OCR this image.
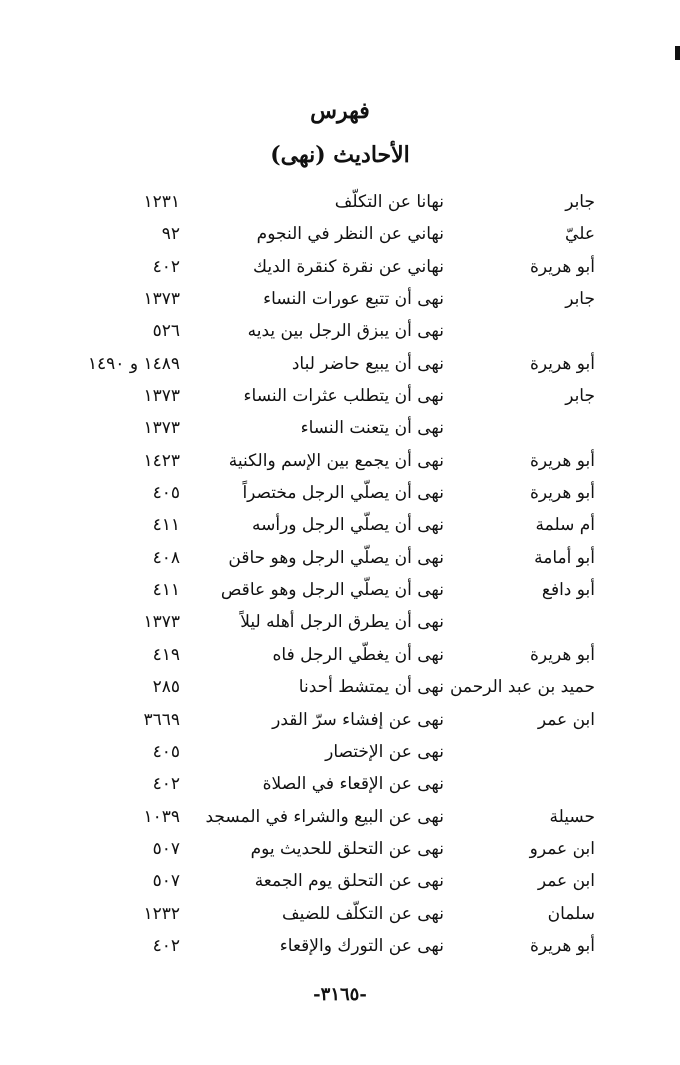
فهرس
الأحاديث (نهى)
جابر
نهانا عن التكلّف
١٢٣١
عليّ
نهاني عن النظر في النجوم
٩٢
أبو هريرة
نهاني عن نقرة كنقرة الديك
٤٠٢
جابر
نهى أن تتبع عورات النساء
١٣٧٣
نهى أن يبزق الرجل بين يديه
٥٢٦
أبو هريرة
نهى أن يبيع حاضر لباد
١٤٨٩ و ١٤٩٠
جابر
نهى أن يتطلب عثرات النساء
١٣٧٣
نهى أن يتعنت النساء
١٣٧٣
أبو هريرة
نهى أن يجمع بين الإسم والكنية
١٤٢٣
أبو هريرة
نهى أن يصلّي الرجل مختصراً
٤٠٥
أم سلمة
نهى أن يصلّي الرجل ورأسه
٤١١
أبو أمامة
نهى أن يصلّي الرجل وهو حاقن
٤٠٨
أبو دافع
نهى أن يصلّي الرجل وهو عاقص
٤١١
نهى أن يطرق الرجل أهله ليلاً
١٣٧٣
أبو هريرة
نهى أن يغطّي الرجل فاه
٤١٩
حميد بن عبد الرحمن
نهى أن يمتشط أحدنا
٢٨٥
ابن عمر
نهى عن إفشاء سرّ القدر
٣٦٦٩
نهى عن الإختصار
٤٠٥
نهى عن الإقعاء في الصلاة
٤٠٢
حسيلة
نهى عن البيع والشراء في المسجد
١٠٣٩
ابن عمرو
نهى عن التحلق للحديث يوم
٥٠٧
ابن عمر
نهى عن التحلق يوم الجمعة
٥٠٧
سلمان
نهى عن التكلّف للضيف
١٢٣٢
أبو هريرة
نهى عن التورك والإقعاء
٤٠٢
-٣١٦٥-
